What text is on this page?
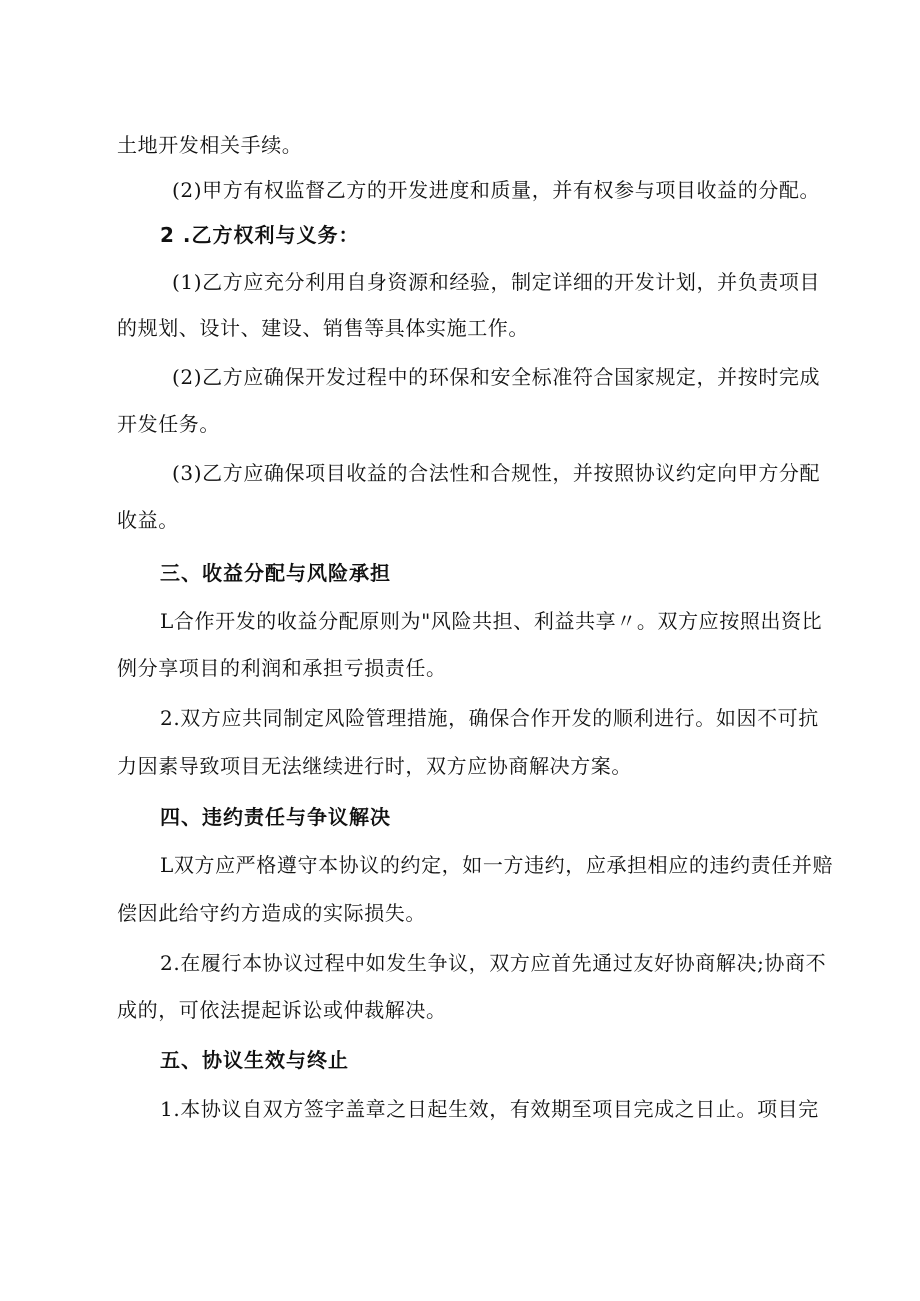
土地开发相关手续。
(2)甲方有权监督乙方的开发进度和质量，并有权参与项目收益的分配。
2 .乙方权利与义务：
(1)乙方应充分利用自身资源和经验，制定详细的开发计划，并负责项目
的规划、设计、建设、销售等具体实施工作。
(2)乙方应确保开发过程中的环保和安全标准符合国家规定，并按时完成
开发任务。
(3)乙方应确保项目收益的合法性和合规性，并按照协议约定向甲方分配
收益。
三、收益分配与风险承担
L合作开发的收益分配原则为"风险共担、利益共享〃。双方应按照出资比
例分享项目的利润和承担亏损责任。
2.双方应共同制定风险管理措施，确保合作开发的顺利进行。如因不可抗
力因素导致项目无法继续进行时，双方应协商解决方案。
四、违约责任与争议解决
L双方应严格遵守本协议的约定，如一方违约，应承担相应的违约责任并赔
偿因此给守约方造成的实际损失。
2.在履行本协议过程中如发生争议，双方应首先通过友好协商解决;协商不
成的，可依法提起诉讼或仲裁解决。
五、协议生效与终止
1.本协议自双方签字盖章之日起生效，有效期至项目完成之日止。项目完
